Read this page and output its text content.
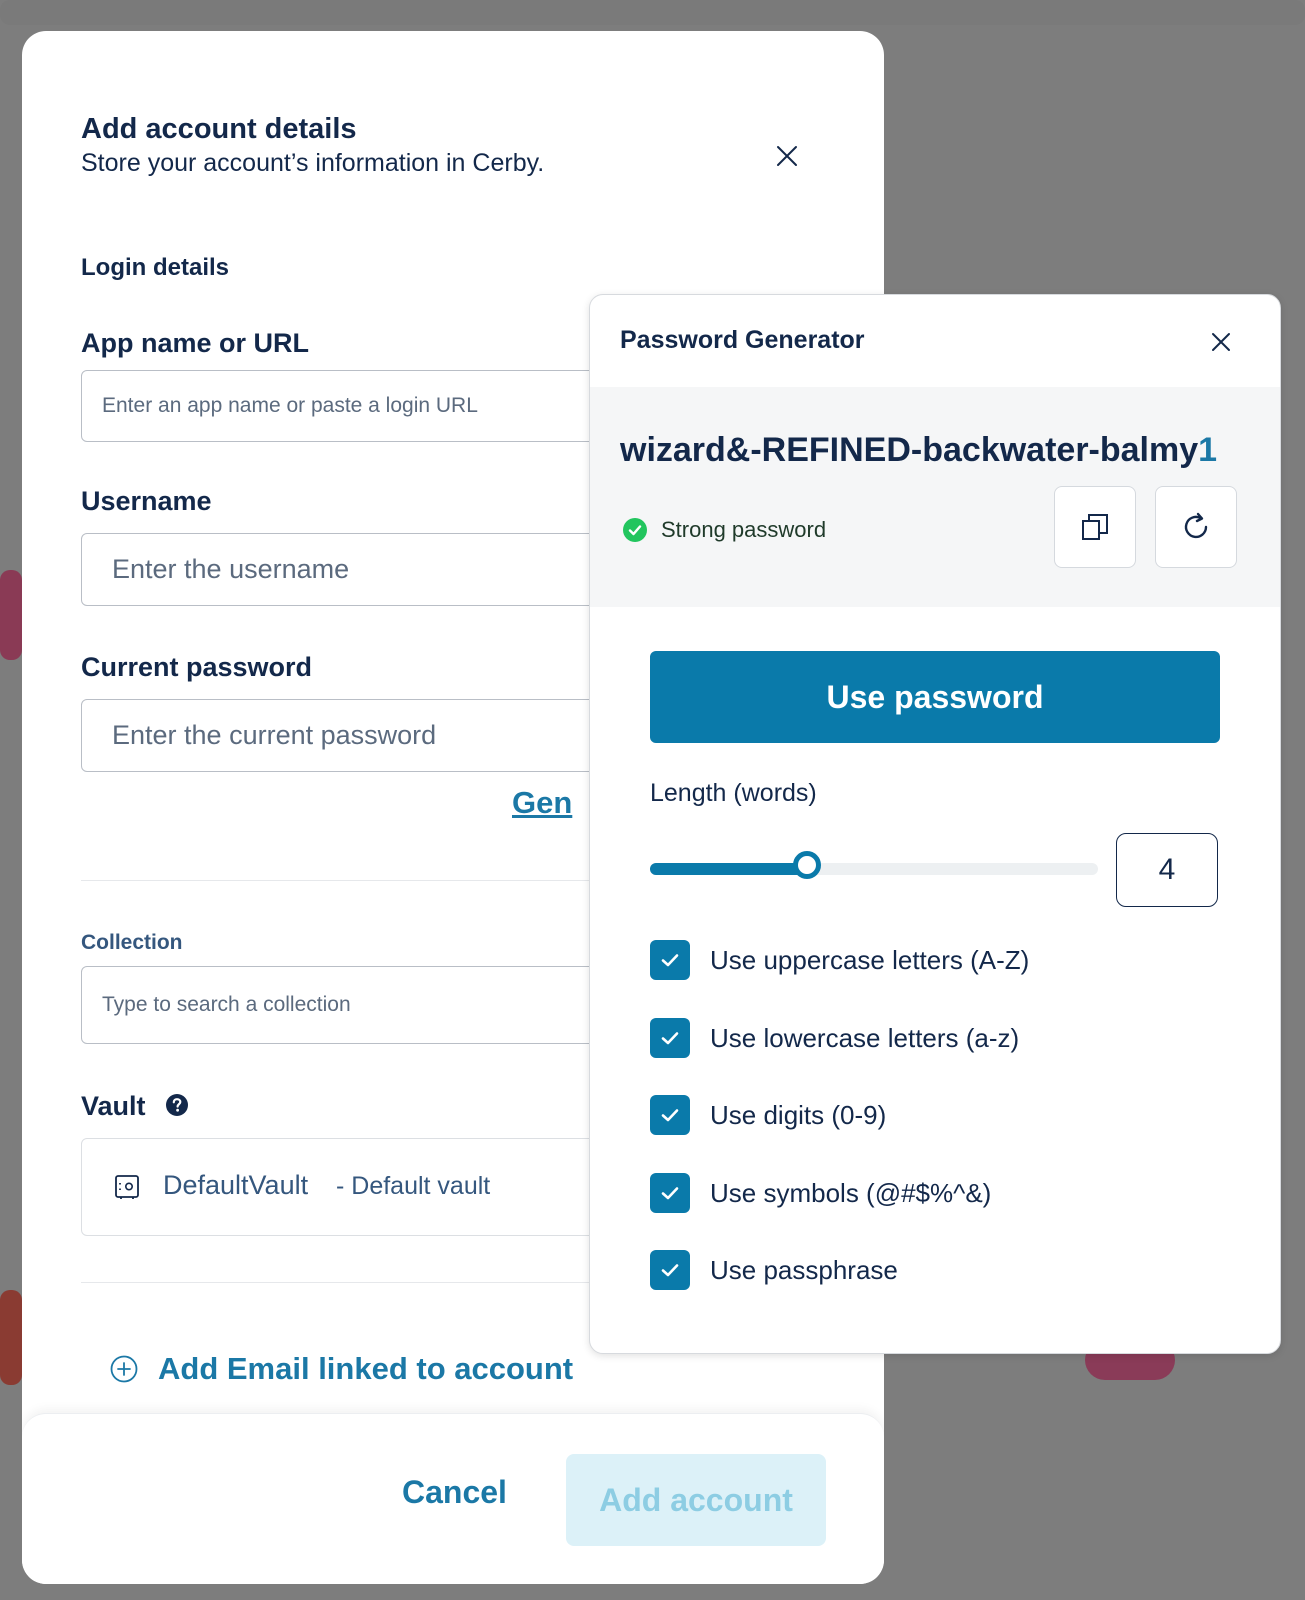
Add account details
Store your account’s information in Cerby.
Login details
App name or URL
Enter an app name or paste a login URL
Username
Enter the username
Current password
Gen
Collection
Type to search a collection
Vault
DefaultVault - Default vault
Add Email linked to account
Cancel	Add account
Password Generator
wizard&-REFINED-backwater-balmy1
Strong password
Use password
Length (words)
4
Use uppercase letters (A-Z)
Use lowercase letters (a-z)
Use digits (0-9)
Use symbols (@#$%^&)
Use passphrase
